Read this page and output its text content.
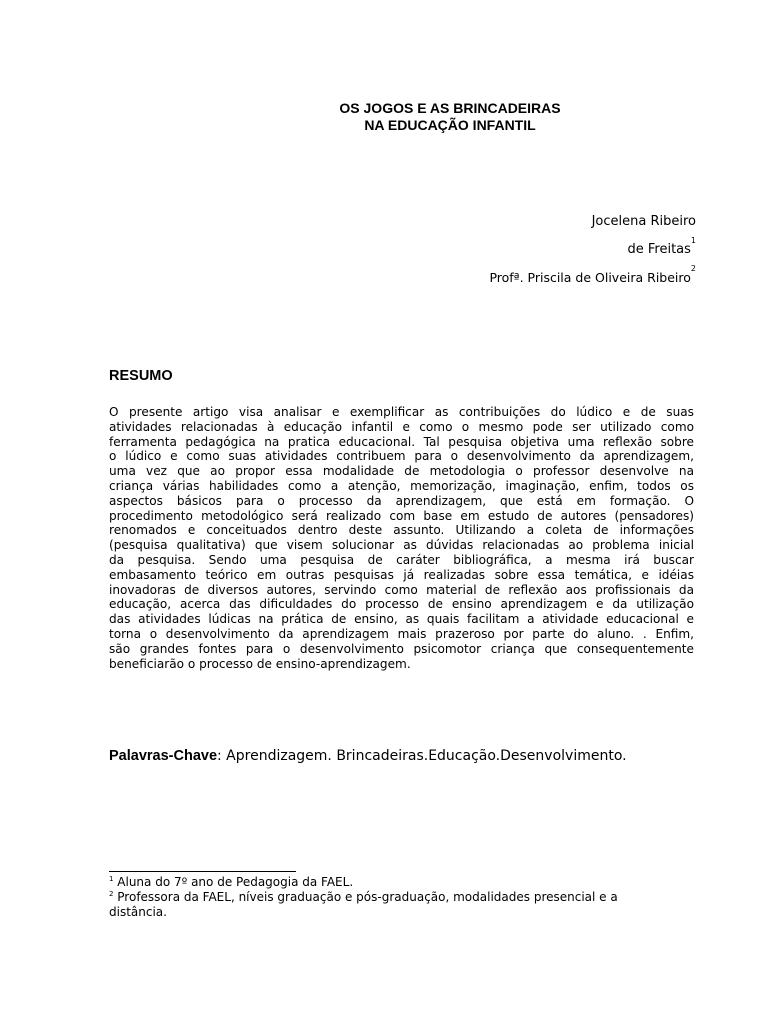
OS JOGOS E AS BRINCADEIRAS
NA EDUCAÇÃO INFANTIL
Jocelena Ribeiro
de Freitas$^1$
Profª. Priscila de Oliveira Ribeiro$^2$
RESUMO
O presente artigo visa analisar e exemplificar as contribuições do lúdico e de suas
atividades relacionadas à educação infantil e como o mesmo pode ser utilizado como
ferramenta pedagógica na pratica educacional. Tal pesquisa objetiva uma reflexão sobre
o lúdico e como suas atividades contribuem para o desenvolvimento da aprendizagem,
uma vez que ao propor essa modalidade de metodologia o professor desenvolve na
criança várias habilidades como a atenção, memorização, imaginação, enfim, todos os
aspectos básicos para o processo da aprendizagem, que está em formação. O
procedimento metodológico será realizado com base em estudo de autores (pensadores)
renomados e conceituados dentro deste assunto. Utilizando a coleta de informações
(pesquisa qualitativa) que visem solucionar as dúvidas relacionadas ao problema inicial
da pesquisa. Sendo uma pesquisa de caráter bibliográfica, a mesma irá buscar
embasamento teórico em outras pesquisas já realizadas sobre essa temática, e idéias
inovadoras de diversos autores, servindo como material de reflexão aos profissionais da
educação, acerca das dificuldades do processo de ensino aprendizagem e da utilização
das atividades lúdicas na prática de ensino, as quais facilitam a atividade educacional e
torna o desenvolvimento da aprendizagem mais prazeroso por parte do aluno. . Enfim,
são grandes fontes para o desenvolvimento psicomotor criança que consequentemente
beneficiarão o processo de ensino-aprendizagem.
Palavras-Chave: Aprendizagem. Brincadeiras.Educação.Desenvolvimento.
$^1$ Aluna do 7º ano de Pedagogia da FAEL.
$^2$ Professora da FAEL, níveis graduação e pós-graduação, modalidades presencial e a distância.
